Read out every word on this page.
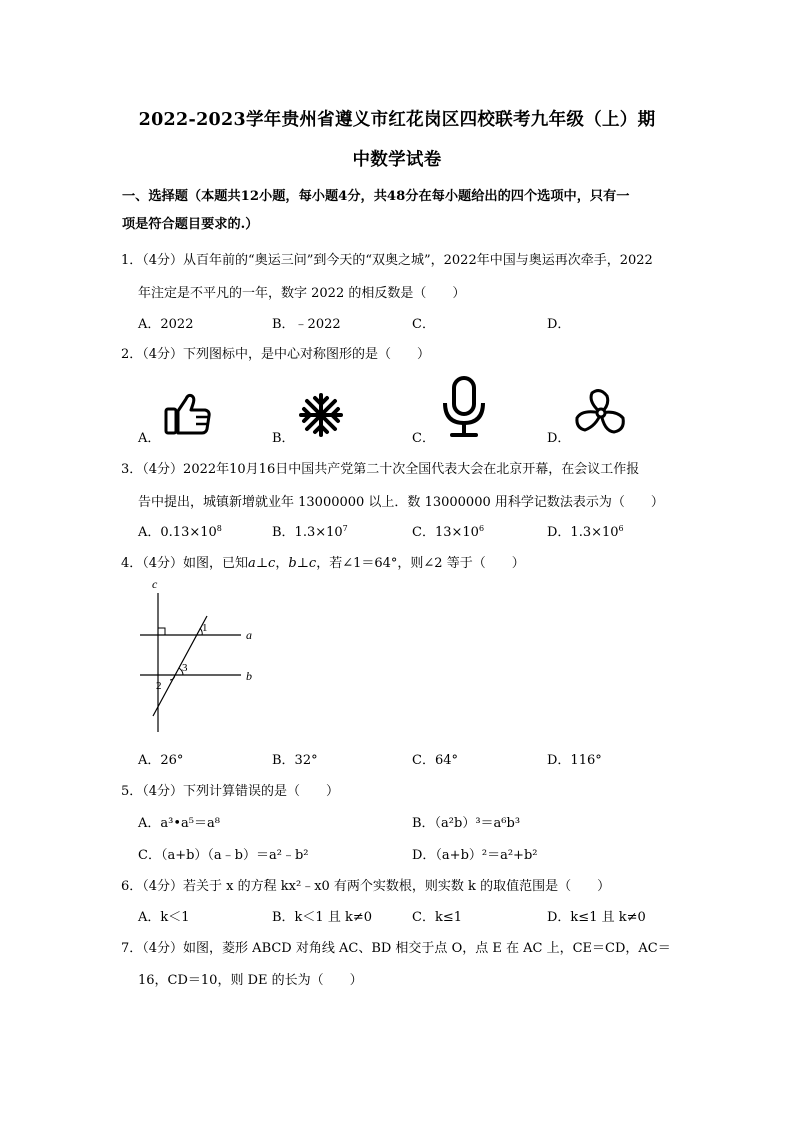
2022-2023学年贵州省遵义市红花岗区四校联考九年级（上）期
中数学试卷
一、选择题（本题共12小题，每小题4分，共48分在每小题给出的四个选项中，只有一
项是符合题目要求的.）
1．（4分）从百年前的“奥运三问”到今天的“双奥之城”，2022年中国与奥运再次牵手，2022
年注定是不平凡的一年，数字 2022 的相反数是（　　）
A．2022	B．﹣2022	C．	D．
2．（4分）下列图标中，是中心对称图形的是（　　）
A．	B．	C．	D．
3．（4分）2022年10月16日中国共产党第二十次全国代表大会在北京开幕，在会议工作报
告中提出，城镇新增就业年 13000000 以上．数 13000000 用科学记数法表示为（　　）
A．$0.13\times 10^8$	B．$1.3\times 10^7$	C．$13\times 10^6$	D．$1.3\times 10^6$
4．（4分）如图，已知a⊥c，b⊥c，若∠1＝64°，则∠2 等于（　　）
c
a
b
1
3
2
A．26°	B．32°	C．64°	D．116°
5．（4分）下列计算错误的是（　　）
A．a³•a⁵＝a⁸	B．（a²b）³＝a⁶b³
C．（a+b）（a﹣b）＝a²﹣b²	D．（a+b）²＝a²+b²
6．（4分）若关于 x 的方程 kx²﹣x0 有两个实数根，则实数 k 的取值范围是（　　）
A．k＜1	B．k＜1 且 k≠0	C．k≤1	D．k≤1 且 k≠0
7．（4分）如图，菱形 ABCD 对角线 AC、BD 相交于点 O，点 E 在 AC 上，CE＝CD，AC＝
16，CD＝10，则 DE 的长为（　　）
